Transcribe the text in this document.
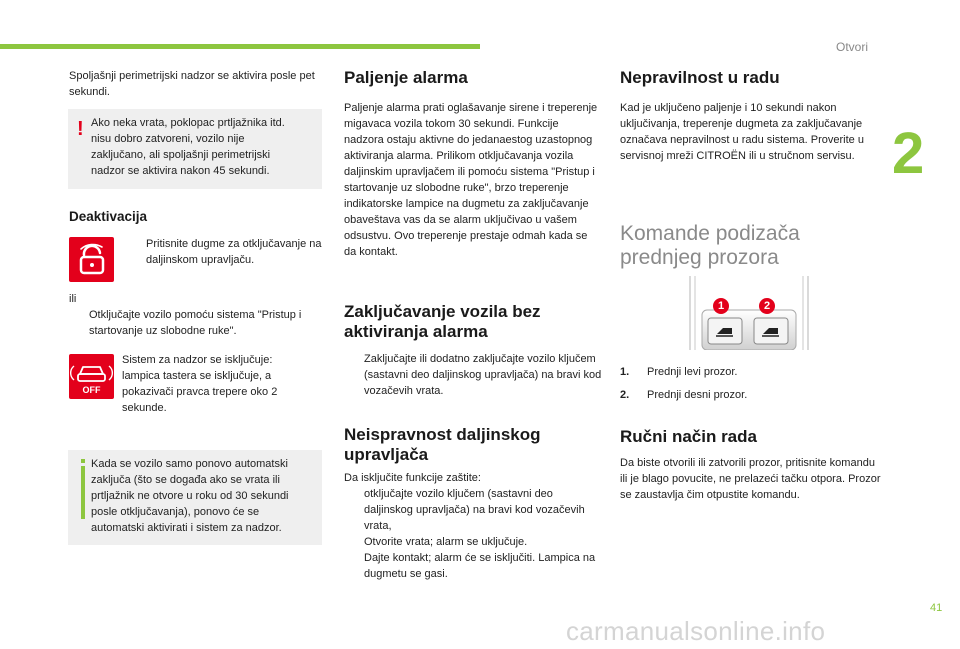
Otvori
2

Spoljašnji perimetrijski nadzor se aktivira posle pet sekundi.

! Ako neka vrata, poklopac prtljažnika itd. nisu dobro zatvoreni, vozilo nije zaključano, ali spoljašnji perimetrijski nadzor se aktivira nakon 45 sekundi.

Deaktivacija

Pritisnite dugme za otključavanje na daljinskom upravljaču.

ili

Otključajte vozilo pomoću sistema "Pristup i startovanje uz slobodne ruke".

OFF

Sistem za nadzor se isključuje: lampica tastera se isključuje, a pokazivači pravca trepere oko 2 sekunde.

Kada se vozilo samo ponovo automatski zaključa (što se događa ako se vrata ili prtljažnik ne otvore u roku od 30 sekundi posle otključavanja), ponovo će se automatski aktivirati i sistem za nadzor.

Paljenje alarma

Paljenje alarma prati oglašavanje sirene i treperenje migavaca vozila tokom 30 sekundi. Funkcije nadzora ostaju aktivne do jedanaestog uzastopnog aktiviranja alarma. Prilikom otključavanja vozila daljinskim upravljačem ili pomoću sistema "Pristup i startovanje uz slobodne ruke", brzo treperenje indikatorske lampice na dugmetu za zaključavanje obaveštava vas da se alarm uključivao u vašem odsustvu. Ovo treperenje prestaje odmah kada se da kontakt.

Zaključavanje vozila bez aktiviranja alarma

Zaključajte ili dodatno zaključajte vozilo ključem (sastavni deo daljinskog upravljača) na bravi kod vozačevih vrata.

Neispravnost daljinskog upravljača

Da isključite funkcije zaštite:

otključajte vozilo ključem (sastavni deo daljinskog upravljača) na bravi kod vozačevih vrata,

Otvorite vrata; alarm se uključuje.

Dajte kontakt; alarm će se isključiti. Lampica na dugmetu se gasi.

Nepravilnost u radu

Kad je uključeno paljenje i 10 sekundi nakon uključivanja, treperenje dugmeta za zaključavanje označava nepravilnost u radu sistema. Proverite u servisnoj mreži CITROËN ili u stručnom servisu.

Komande podizača prednjeg prozora
1	2

1.	Prednji levi prozor.

2.	Prednji desni prozor.

Ručni način rada

Da biste otvorili ili zatvorili prozor, pritisnite komandu ili je blago povucite, ne prelazeći tačku otpora. Prozor se zaustavlja čim otpustite komandu.

41
carmanualsonline.info
